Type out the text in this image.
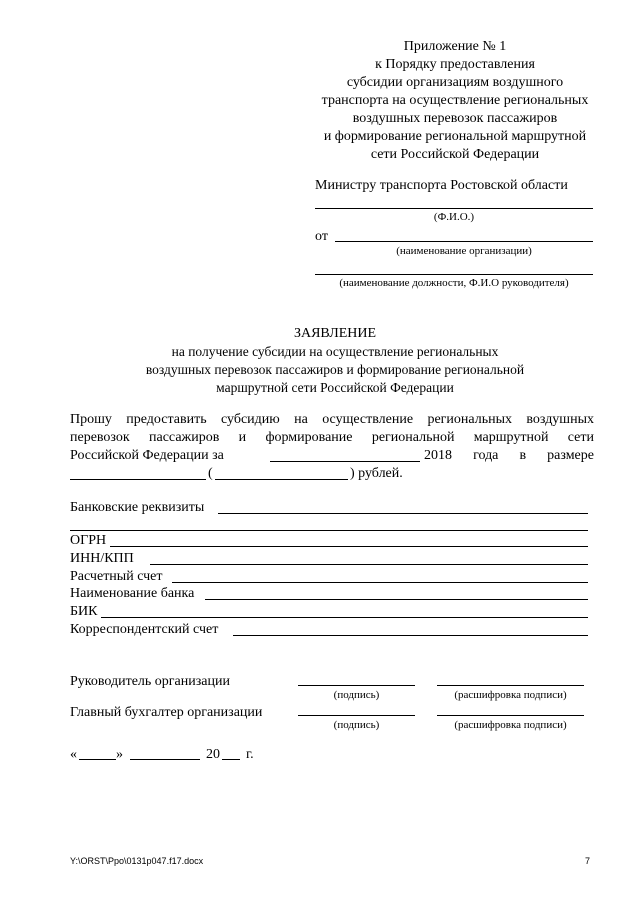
Приложение № 1
к Порядку предоставления
субсидии организациям воздушного
транспорта на осуществление региональных
воздушных перевозок пассажиров
и формирование региональной маршрутной
сети Российской Федерации
Министру транспорта Ростовской области
(Ф.И.О.)
от
(наименование организации)
(наименование должности, Ф.И.О руководителя)
ЗАЯВЛЕНИЕ
на получение субсидии на осуществление региональных
воздушных перевозок пассажиров и формирование региональной
маршрутной сети Российской Федерации
Прошу предоставить субсидию на осуществление региональных воздушных
перевозок пассажиров и формирование региональной маршрутной сети
Российской Федерации за	2018 года в размере
(	) рублей.
Банковские реквизиты
ОГРН
ИНН/КПП
Расчетный счет
Наименование банка
БИК
Корреспондентский счет
Руководитель организации
(подпись)	(расшифровка подписи)
Главный бухгалтер организации
(подпись)	(расшифровка подписи)
«	»	20 г.
Y:\ORST\Ppo\0131p047.f17.docx	7
